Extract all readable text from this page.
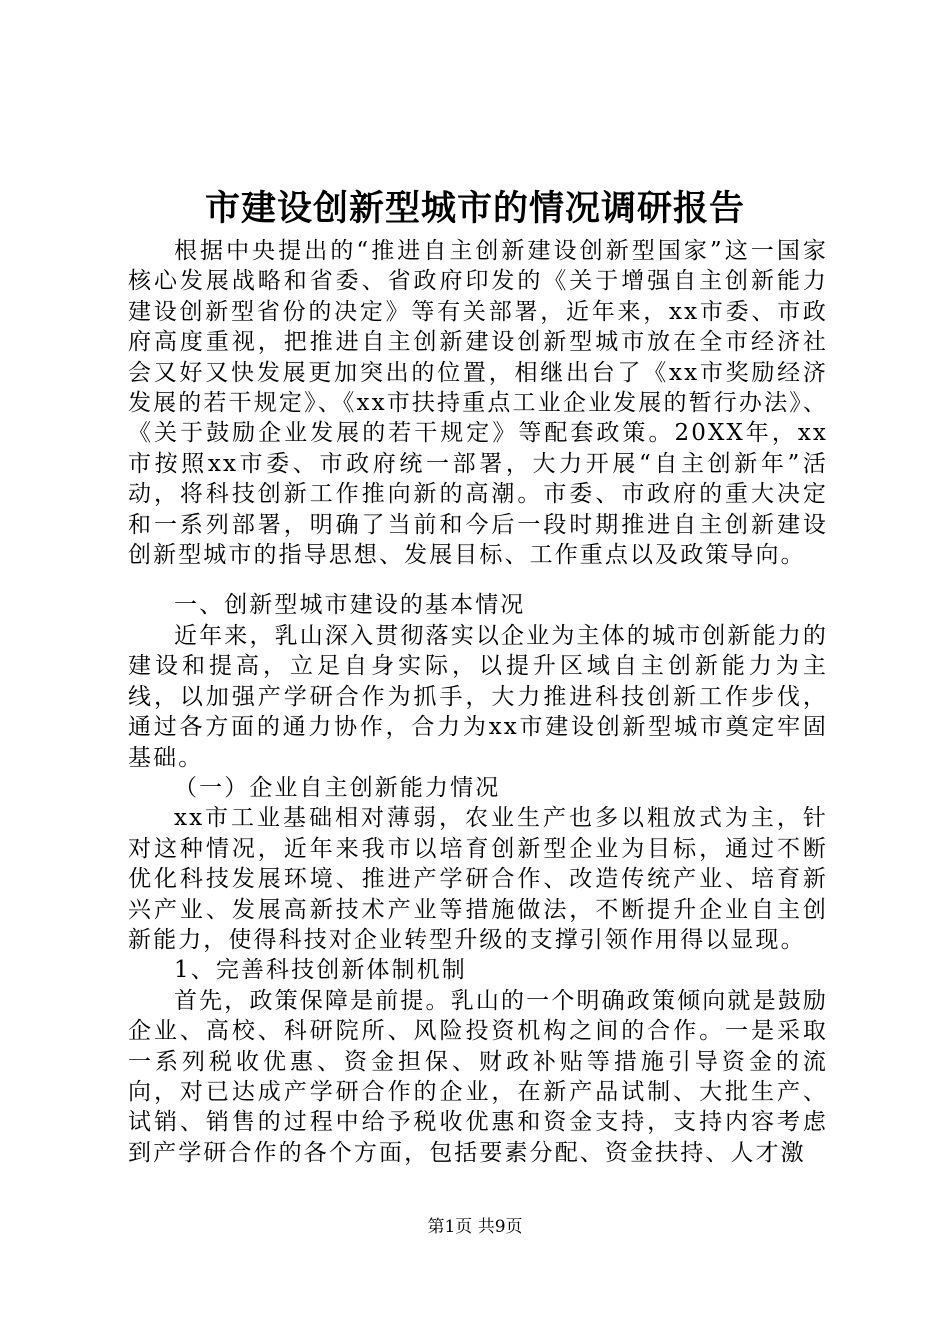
市建设创新型城市的情况调研报告

根据中央提出的“推进自主创新建设创新型国家”这一国家核心发展战略和省委、省政府印发的《关于增强自主创新能力建设创新型省份的决定》等有关部署，近年来，xx市委、市政府高度重视，把推进自主创新建设创新型城市放在全市经济社会又好又快发展更加突出的位置，相继出台了《xx市奖励经济发展的若干规定》、《xx市扶持重点工业企业发展的暂行办法》、《关于鼓励企业发展的若干规定》等配套政策。20XX年，xx市按照xx市委、市政府统一部署，大力开展“自主创新年”活动，将科技创新工作推向新的高潮。市委、市政府的重大决定和一系列部署，明确了当前和今后一段时期推进自主创新建设创新型城市的指导思想、发展目标、工作重点以及政策导向。

一、创新型城市建设的基本情况

近年来，乳山深入贯彻落实以企业为主体的城市创新能力的建设和提高，立足自身实际，以提升区域自主创新能力为主线，以加强产学研合作为抓手，大力推进科技创新工作步伐，通过各方面的通力协作，合力为xx市建设创新型城市奠定牢固基础。

（一）企业自主创新能力情况

xx市工业基础相对薄弱，农业生产也多以粗放式为主，针对这种情况，近年来我市以培育创新型企业为目标，通过不断优化科技发展环境、推进产学研合作、改造传统产业、培育新兴产业、发展高新技术产业等措施做法，不断提升企业自主创新能力，使得科技对企业转型升级的支撑引领作用得以显现。

1、完善科技创新体制机制

首先，政策保障是前提。乳山的一个明确政策倾向就是鼓励企业、高校、科研院所、风险投资机构之间的合作。一是采取一系列税收优惠、资金担保、财政补贴等措施引导资金的流向，对已达成产学研合作的企业，在新产品试制、大批生产、试销、销售的过程中给予税收优惠和资金支持，支持内容考虑到产学研合作的各个方面，包括要素分配、资金扶持、人才激

第1页 共9页
